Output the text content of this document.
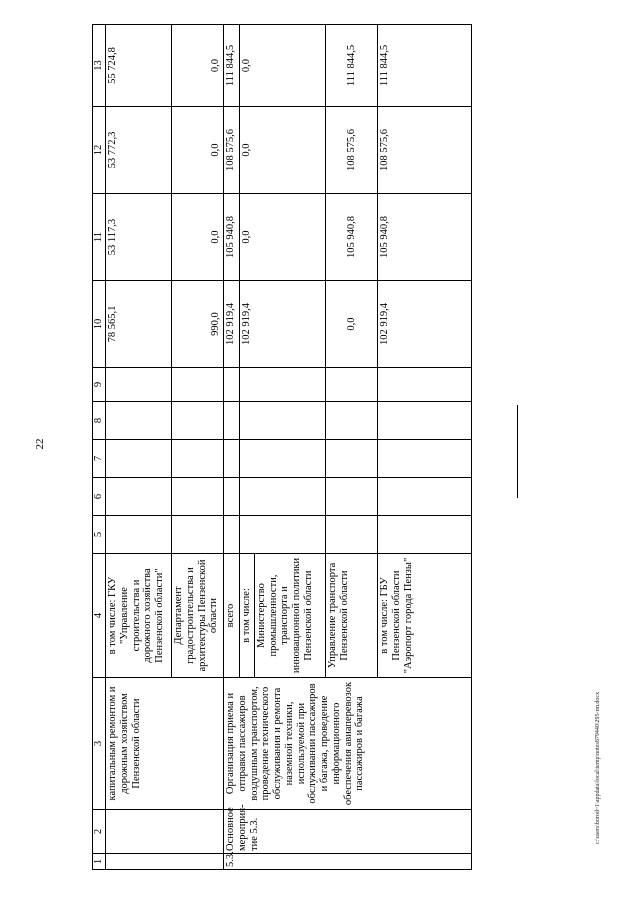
22
c:\users\borod~1\appdata\local\temp\notes879440\295-пп.docx
1	2	3	4	5	6	7	8	9	10	11	12	13
		капитальным ремонтом и дорожным хозяйством Пензенской области	в том числе: ГКУ "Управление строительства и дорожного хозяйства Пензенской области"						78 565,1	53 117,3	53 772,3	55 724,8
			Департамент градостроительства и архитектуры Пензенской области						990,0	0,0	0,0	0,0
5.3.	Основное мероприя-тие 5.3.	Организация приема и отправки пассажиров воздушным транспортом, проведение технического обслуживания и ремонта наземной техники, используемой при обслуживании пассажиров и багажа, проведение информационного обеспечения авиаперевозок пассажиров и багажа	всего						102 919,4	105 940,8	108 575,6	111 844,5

			в том числе: Министерство промышленности, транспорта и инновационной политики Пензенской области						102 919,4	0,0	0,0	0,0
			Управление транспорта Пензенской области						0,0	105 940,8	108 575,6	111 844,5
			в том числе: ГБУ Пензенской области "Аэропорт города Пензы"						102 919,4	105 940,8	108 575,6	111 844,5
